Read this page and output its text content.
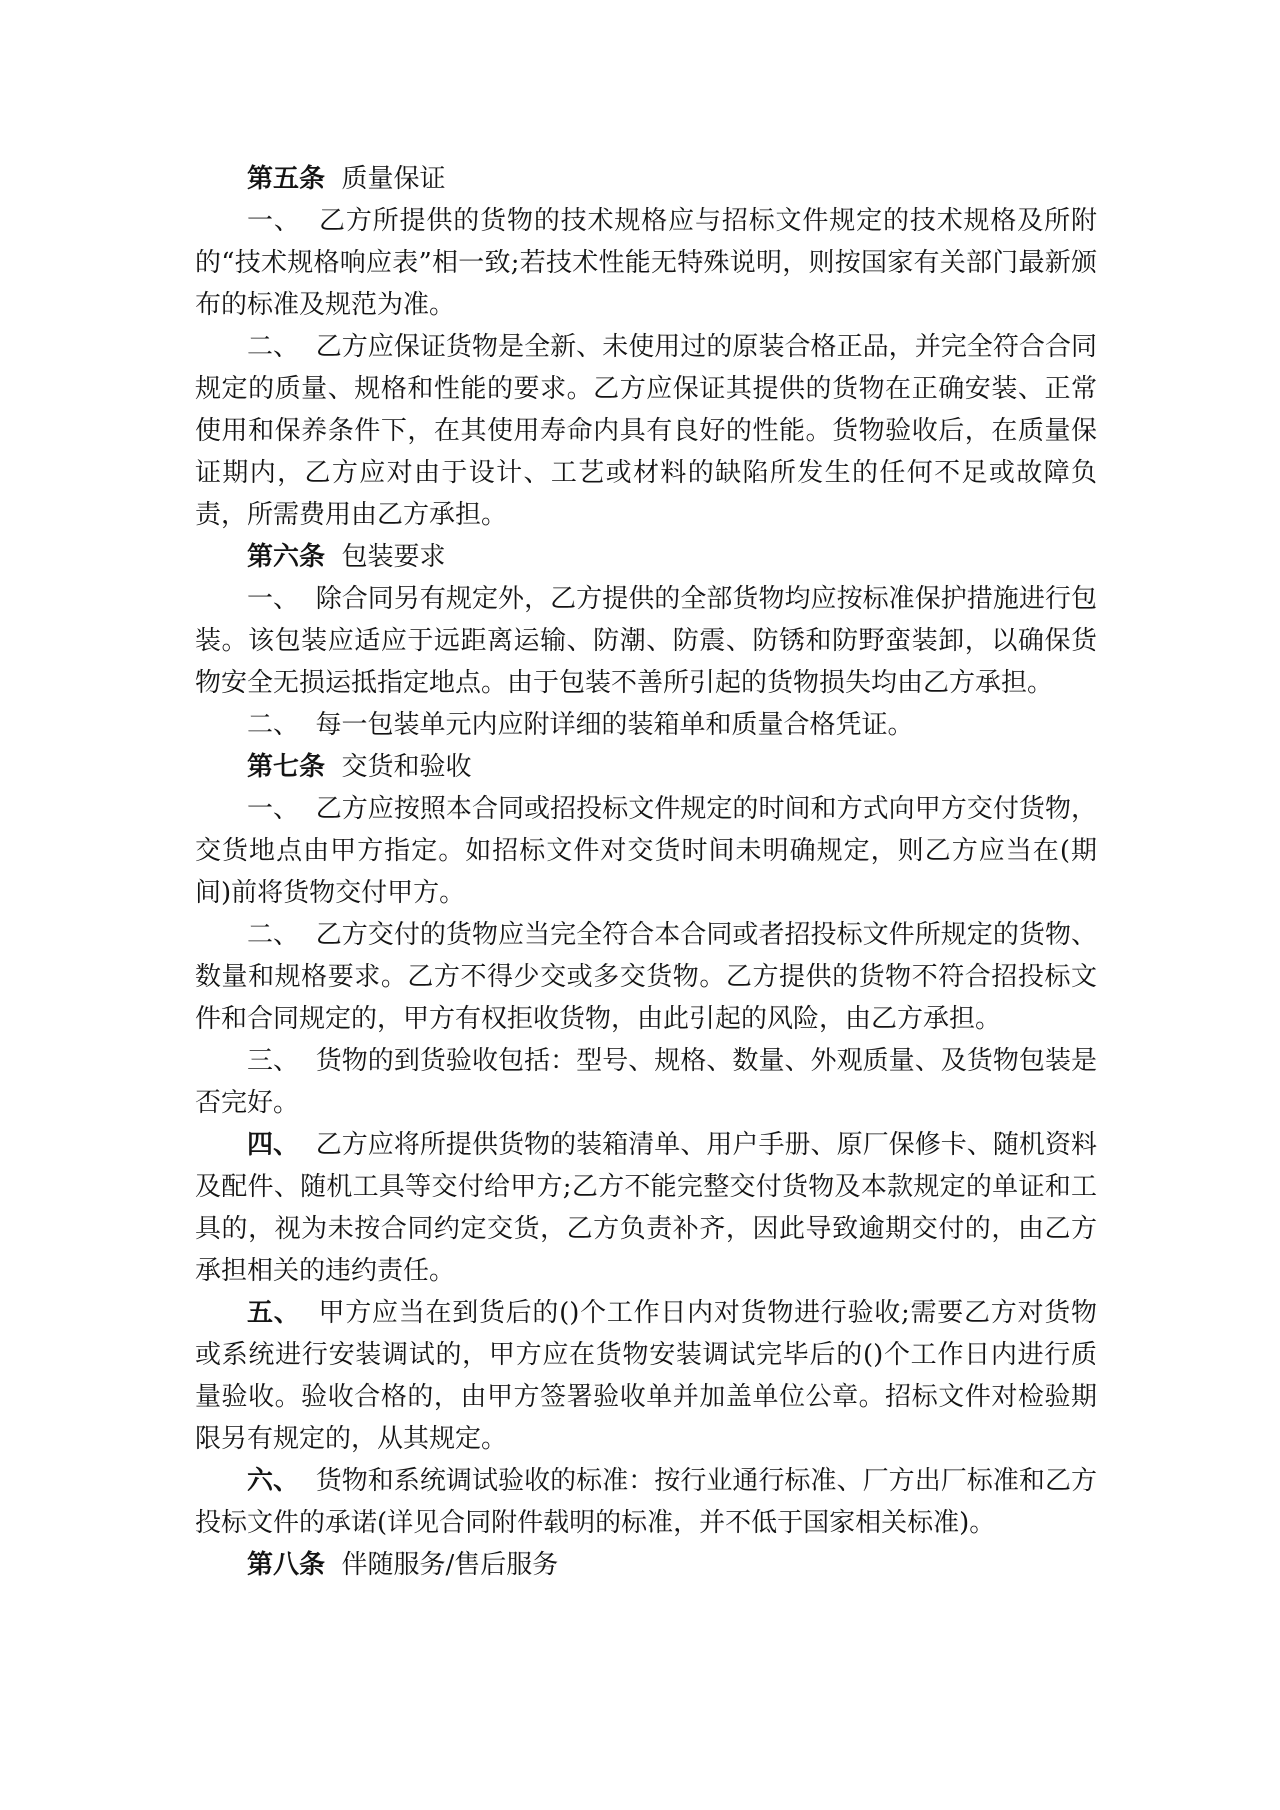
第五条 质量保证

一、 乙方所提供的货物的技术规格应与招标文件规定的技术规格及所附的“技术规格响应表”相一致;若技术性能无特殊说明，则按国家有关部门最新颁布的标准及规范为准。

二、 乙方应保证货物是全新、未使用过的原装合格正品，并完全符合合同规定的质量、规格和性能的要求。乙方应保证其提供的货物在正确安装、正常使用和保养条件下，在其使用寿命内具有良好的性能。货物验收后，在质量保证期内，乙方应对由于设计、工艺或材料的缺陷所发生的任何不足或故障负责，所需费用由乙方承担。

第六条 包装要求

一、 除合同另有规定外，乙方提供的全部货物均应按标准保护措施进行包装。该包装应适应于远距离运输、防潮、防震、防锈和防野蛮装卸，以确保货物安全无损运抵指定地点。由于包装不善所引起的货物损失均由乙方承担。

二、 每一包装单元内应附详细的装箱单和质量合格凭证。

第七条 交货和验收

一、 乙方应按照本合同或招投标文件规定的时间和方式向甲方交付货物，交货地点由甲方指定。如招标文件对交货时间未明确规定，则乙方应当在(期间)前将货物交付甲方。

二、 乙方交付的货物应当完全符合本合同或者招投标文件所规定的货物、数量和规格要求。乙方不得少交或多交货物。乙方提供的货物不符合招投标文件和合同规定的，甲方有权拒收货物，由此引起的风险，由乙方承担。

三、 货物的到货验收包括：型号、规格、数量、外观质量、及货物包装是否完好。

四、 乙方应将所提供货物的装箱清单、用户手册、原厂保修卡、随机资料及配件、随机工具等交付给甲方;乙方不能完整交付货物及本款规定的单证和工具的，视为未按合同约定交货，乙方负责补齐，因此导致逾期交付的，由乙方承担相关的违约责任。

五、 甲方应当在到货后的()个工作日内对货物进行验收;需要乙方对货物或系统进行安装调试的，甲方应在货物安装调试完毕后的()个工作日内进行质量验收。验收合格的，由甲方签署验收单并加盖单位公章。招标文件对检验期限另有规定的，从其规定。

六、 货物和系统调试验收的标准：按行业通行标准、厂方出厂标准和乙方投标文件的承诺(详见合同附件载明的标准，并不低于国家相关标准)。

第八条 伴随服务/售后服务
